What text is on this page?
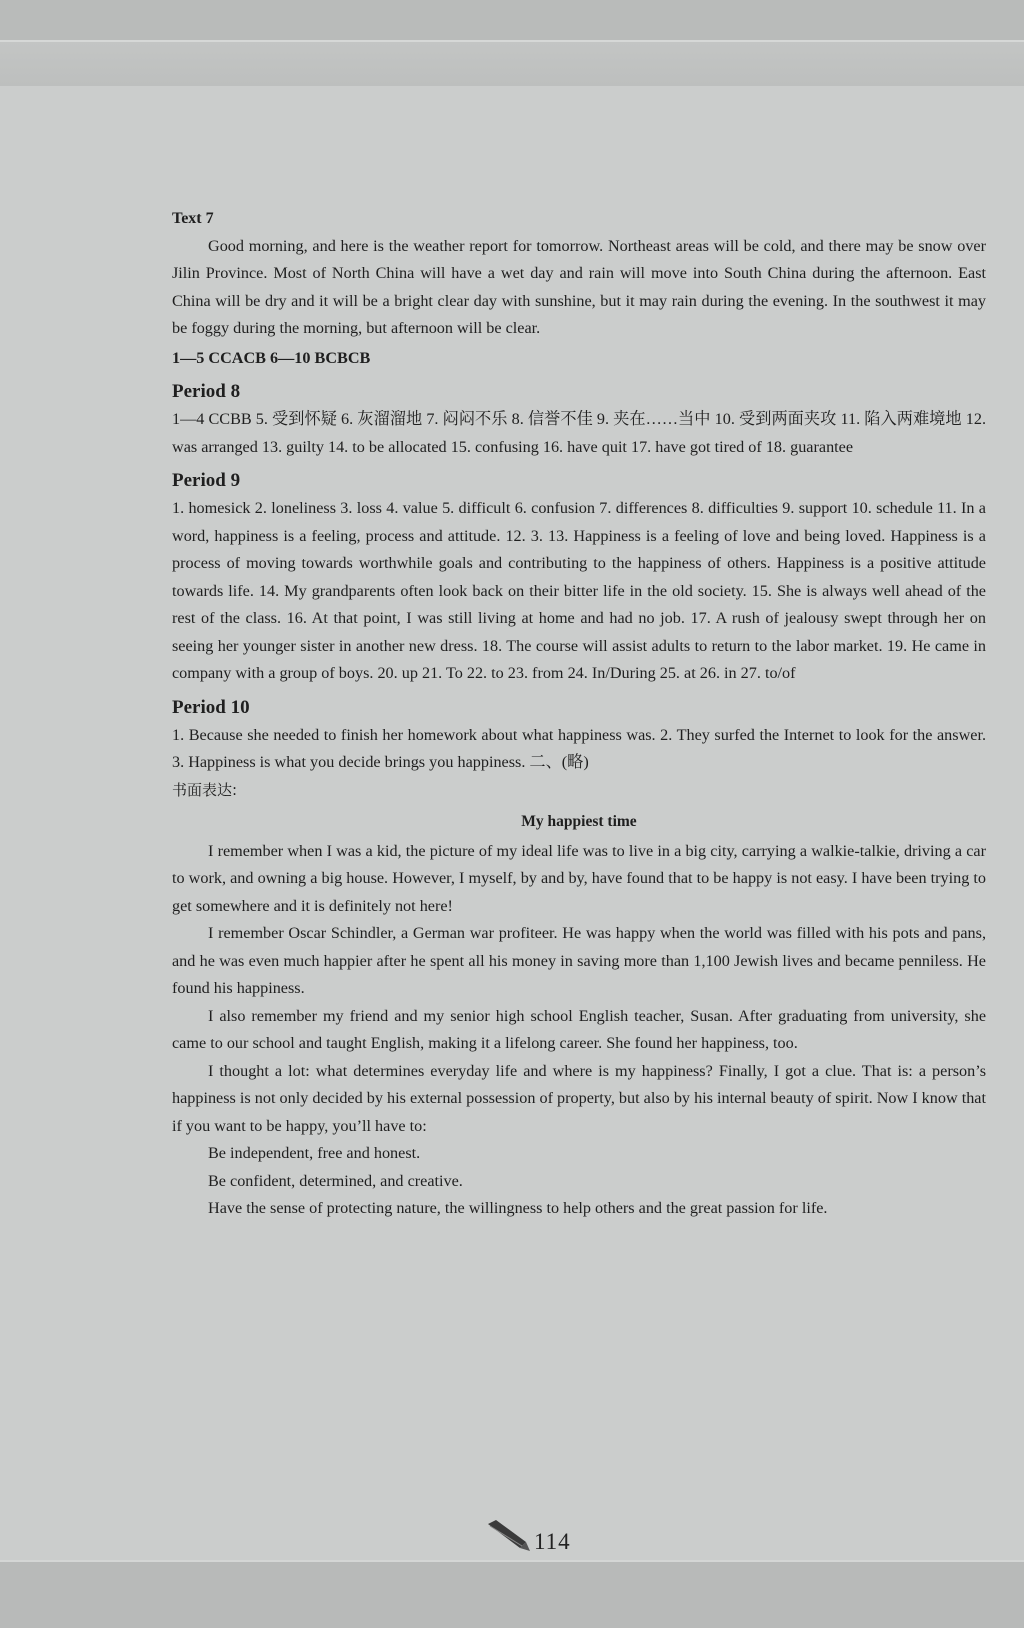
Text 7

Good morning, and here is the weather report for tomorrow. Northeast areas will be cold, and there may be snow over Jilin Province. Most of North China will have a wet day and rain will move into South China during the afternoon. East China will be dry and it will be a bright clear day with sunshine, but it may rain during the evening. In the southwest it may be foggy during the morning, but afternoon will be clear.

1—5 CCACB 6—10 BCBCB

Period 8

1—4 CCBB 5. 受到怀疑 6. 灰溜溜地 7. 闷闷不乐 8. 信誉不佳 9. 夹在……当中 10. 受到两面夹攻 11. 陷入两难境地 12. was arranged 13. guilty 14. to be allocated 15. confusing 16. have quit 17. have got tired of 18. guarantee

Period 9

1. homesick 2. loneliness 3. loss 4. value 5. difficult 6. confusion 7. differences 8. difficulties 9. support 10. schedule 11. In a word, happiness is a feeling, process and attitude. 12. 3. 13. Happiness is a feeling of love and being loved. Happiness is a process of moving towards worthwhile goals and contributing to the happiness of others. Happiness is a positive attitude towards life. 14. My grandparents often look back on their bitter life in the old society. 15. She is always well ahead of the rest of the class. 16. At that point, I was still living at home and had no job. 17. A rush of jealousy swept through her on seeing her younger sister in another new dress. 18. The course will assist adults to return to the labor market. 19. He came in company with a group of boys. 20. up 21. To 22. to 23. from 24. In/During 25. at 26. in 27. to/of

Period 10

1. Because she needed to finish her homework about what happiness was. 2. They surfed the Internet to look for the answer. 3. Happiness is what you decide brings you happiness. 二、(略)

书面表达:

My happiest time

I remember when I was a kid, the picture of my ideal life was to live in a big city, carrying a walkie-talkie, driving a car to work, and owning a big house. However, I myself, by and by, have found that to be happy is not easy. I have been trying to get somewhere and it is definitely not here!

I remember Oscar Schindler, a German war profiteer. He was happy when the world was filled with his pots and pans, and he was even much happier after he spent all his money in saving more than 1,100 Jewish lives and became penniless. He found his happiness.

I also remember my friend and my senior high school English teacher, Susan. After graduating from university, she came to our school and taught English, making it a lifelong career. She found her happiness, too.

I thought a lot: what determines everyday life and where is my happiness? Finally, I got a clue. That is: a person’s happiness is not only decided by his external possession of property, but also by his internal beauty of spirit. Now I know that if you want to be happy, you’ll have to:

Be independent, free and honest.

Be confident, determined, and creative.

Have the sense of protecting nature, the willingness to help others and the great passion for life.

114
